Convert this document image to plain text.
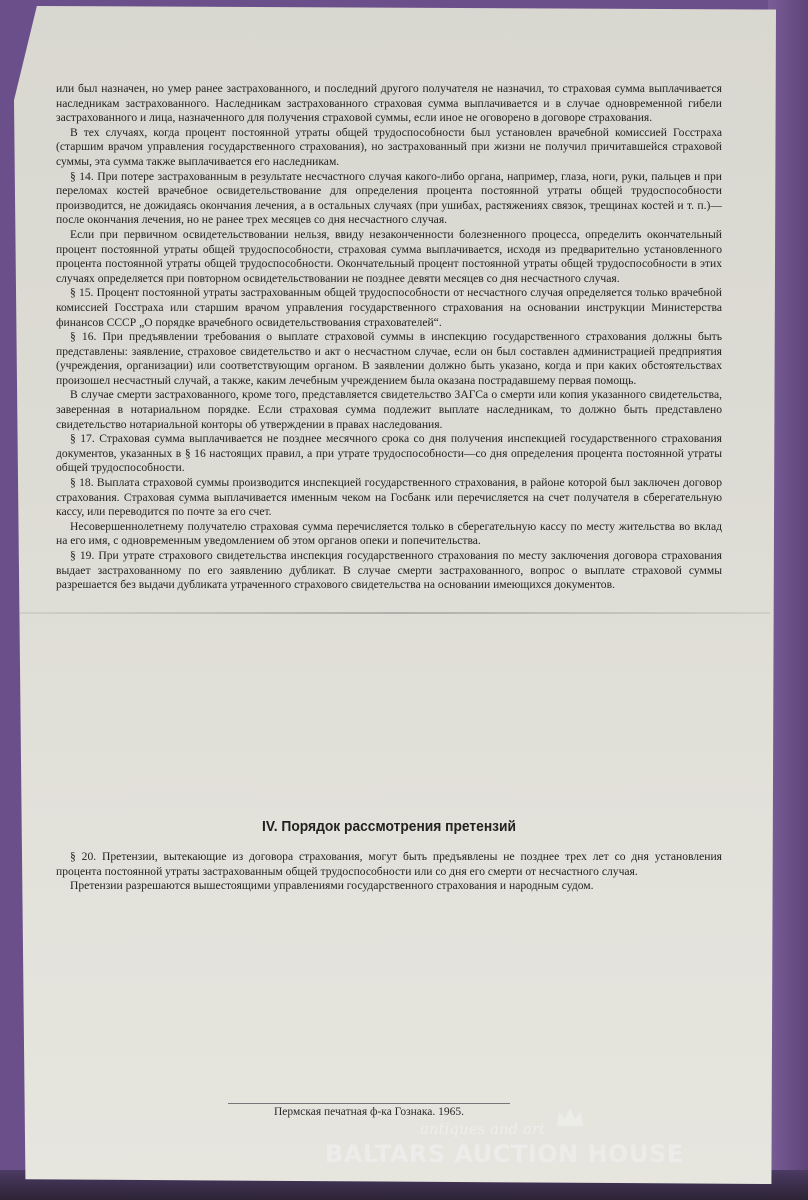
или был назначен, но умер ранее застрахованного, и последний другого получателя не назначил, то страховая сумма выплачивается наследникам застрахованного. Наследникам застрахованного страховая сумма выплачивается и в случае одновременной гибели застрахованного и лица, назначенного для получения страховой суммы, если иное не оговорено в договоре страхования.

В тех случаях, когда процент постоянной утраты общей трудоспособности был установлен врачебной комиссией Госстраха (старшим врачом управления государственного страхования), но застрахованный при жизни не получил причитавшейся страховой суммы, эта сумма также выплачивается его наследникам.

§ 14. При потере застрахованным в результате несчастного случая какого-либо органа, например, глаза, ноги, руки, пальцев и при переломах костей врачебное освидетельствование для определения процента постоянной утраты общей трудоспособности производится, не дожидаясь окончания лечения, а в остальных случаях (при ушибах, растяжениях связок, трещинах костей и т. п.)—после окончания лечения, но не ранее трех месяцев со дня несчастного случая.

Если при первичном освидетельствовании нельзя, ввиду незаконченности болезненного процесса, определить окончательный процент постоянной утраты общей трудоспособности, страховая сумма выплачивается, исходя из предварительно установленного процента постоянной утраты общей трудоспособности. Окончательный процент постоянной утраты общей трудоспособности в этих случаях определяется при повторном освидетельствовании не позднее девяти месяцев со дня несчастного случая.

§ 15. Процент постоянной утраты застрахованным общей трудоспособности от несчастного случая определяется только врачебной комиссией Госстраха или старшим врачом управления государственного страхования на основании инструкции Министерства финансов СССР „О порядке врачебного освидетельствования страхователей“.

§ 16. При предъявлении требования о выплате страховой суммы в инспекцию государственного страхования должны быть представлены: заявление, страховое свидетельство и акт о несчастном случае, если он был составлен администрацией предприятия (учреждения, организации) или соответствующим органом. В заявлении должно быть указано, когда и при каких обстоятельствах произошел несчастный случай, а также, каким лечебным учреждением была оказана пострадавшему первая помощь.

В случае смерти застрахованного, кроме того, представляется свидетельство ЗАГСа о смерти или копия указанного свидетельства, заверенная в нотариальном порядке. Если страховая сумма подлежит выплате наследникам, то должно быть представлено свидетельство нотариальной конторы об утверждении в правах наследования.

§ 17. Страховая сумма выплачивается не позднее месячного срока со дня получения инспекцией государственного страхования документов, указанных в § 16 настоящих правил, а при утрате трудоспособности—со дня определения процента постоянной утраты общей трудоспособности.

§ 18. Выплата страховой суммы производится инспекцией государственного страхования, в районе которой был заключен договор страхования. Страховая сумма выплачивается именным чеком на Госбанк или перечисляется на счет получателя в сберегательную кассу, или переводится по почте за его счет.

Несовершеннолетнему получателю страховая сумма перечисляется только в сберегательную кассу по месту жительства во вклад на его имя, с одновременным уведомлением об этом органов опеки и попечительства.

§ 19. При утрате страхового свидетельства инспекция государственного страхования по месту заключения договора страхования выдает застрахованному по его заявлению дубликат. В случае смерти застрахованного, вопрос о выплате страховой суммы разрешается без выдачи дубликата утраченного страхового свидетельства на основании имеющихся документов.

IV. Порядок рассмотрения претензий

§ 20. Претензии, вытекающие из договора страхования, могут быть предъявлены не позднее трех лет со дня установления процента постоянной утраты застрахованным общей трудоспособности или со дня его смерти от несчастного случая.

Претензии разрешаются вышестоящими управлениями государственного страхования и народным судом.

Пермская печатная ф-ка Гознака. 1965.
antiques and art
BALTARS AUCTION HOUSE
